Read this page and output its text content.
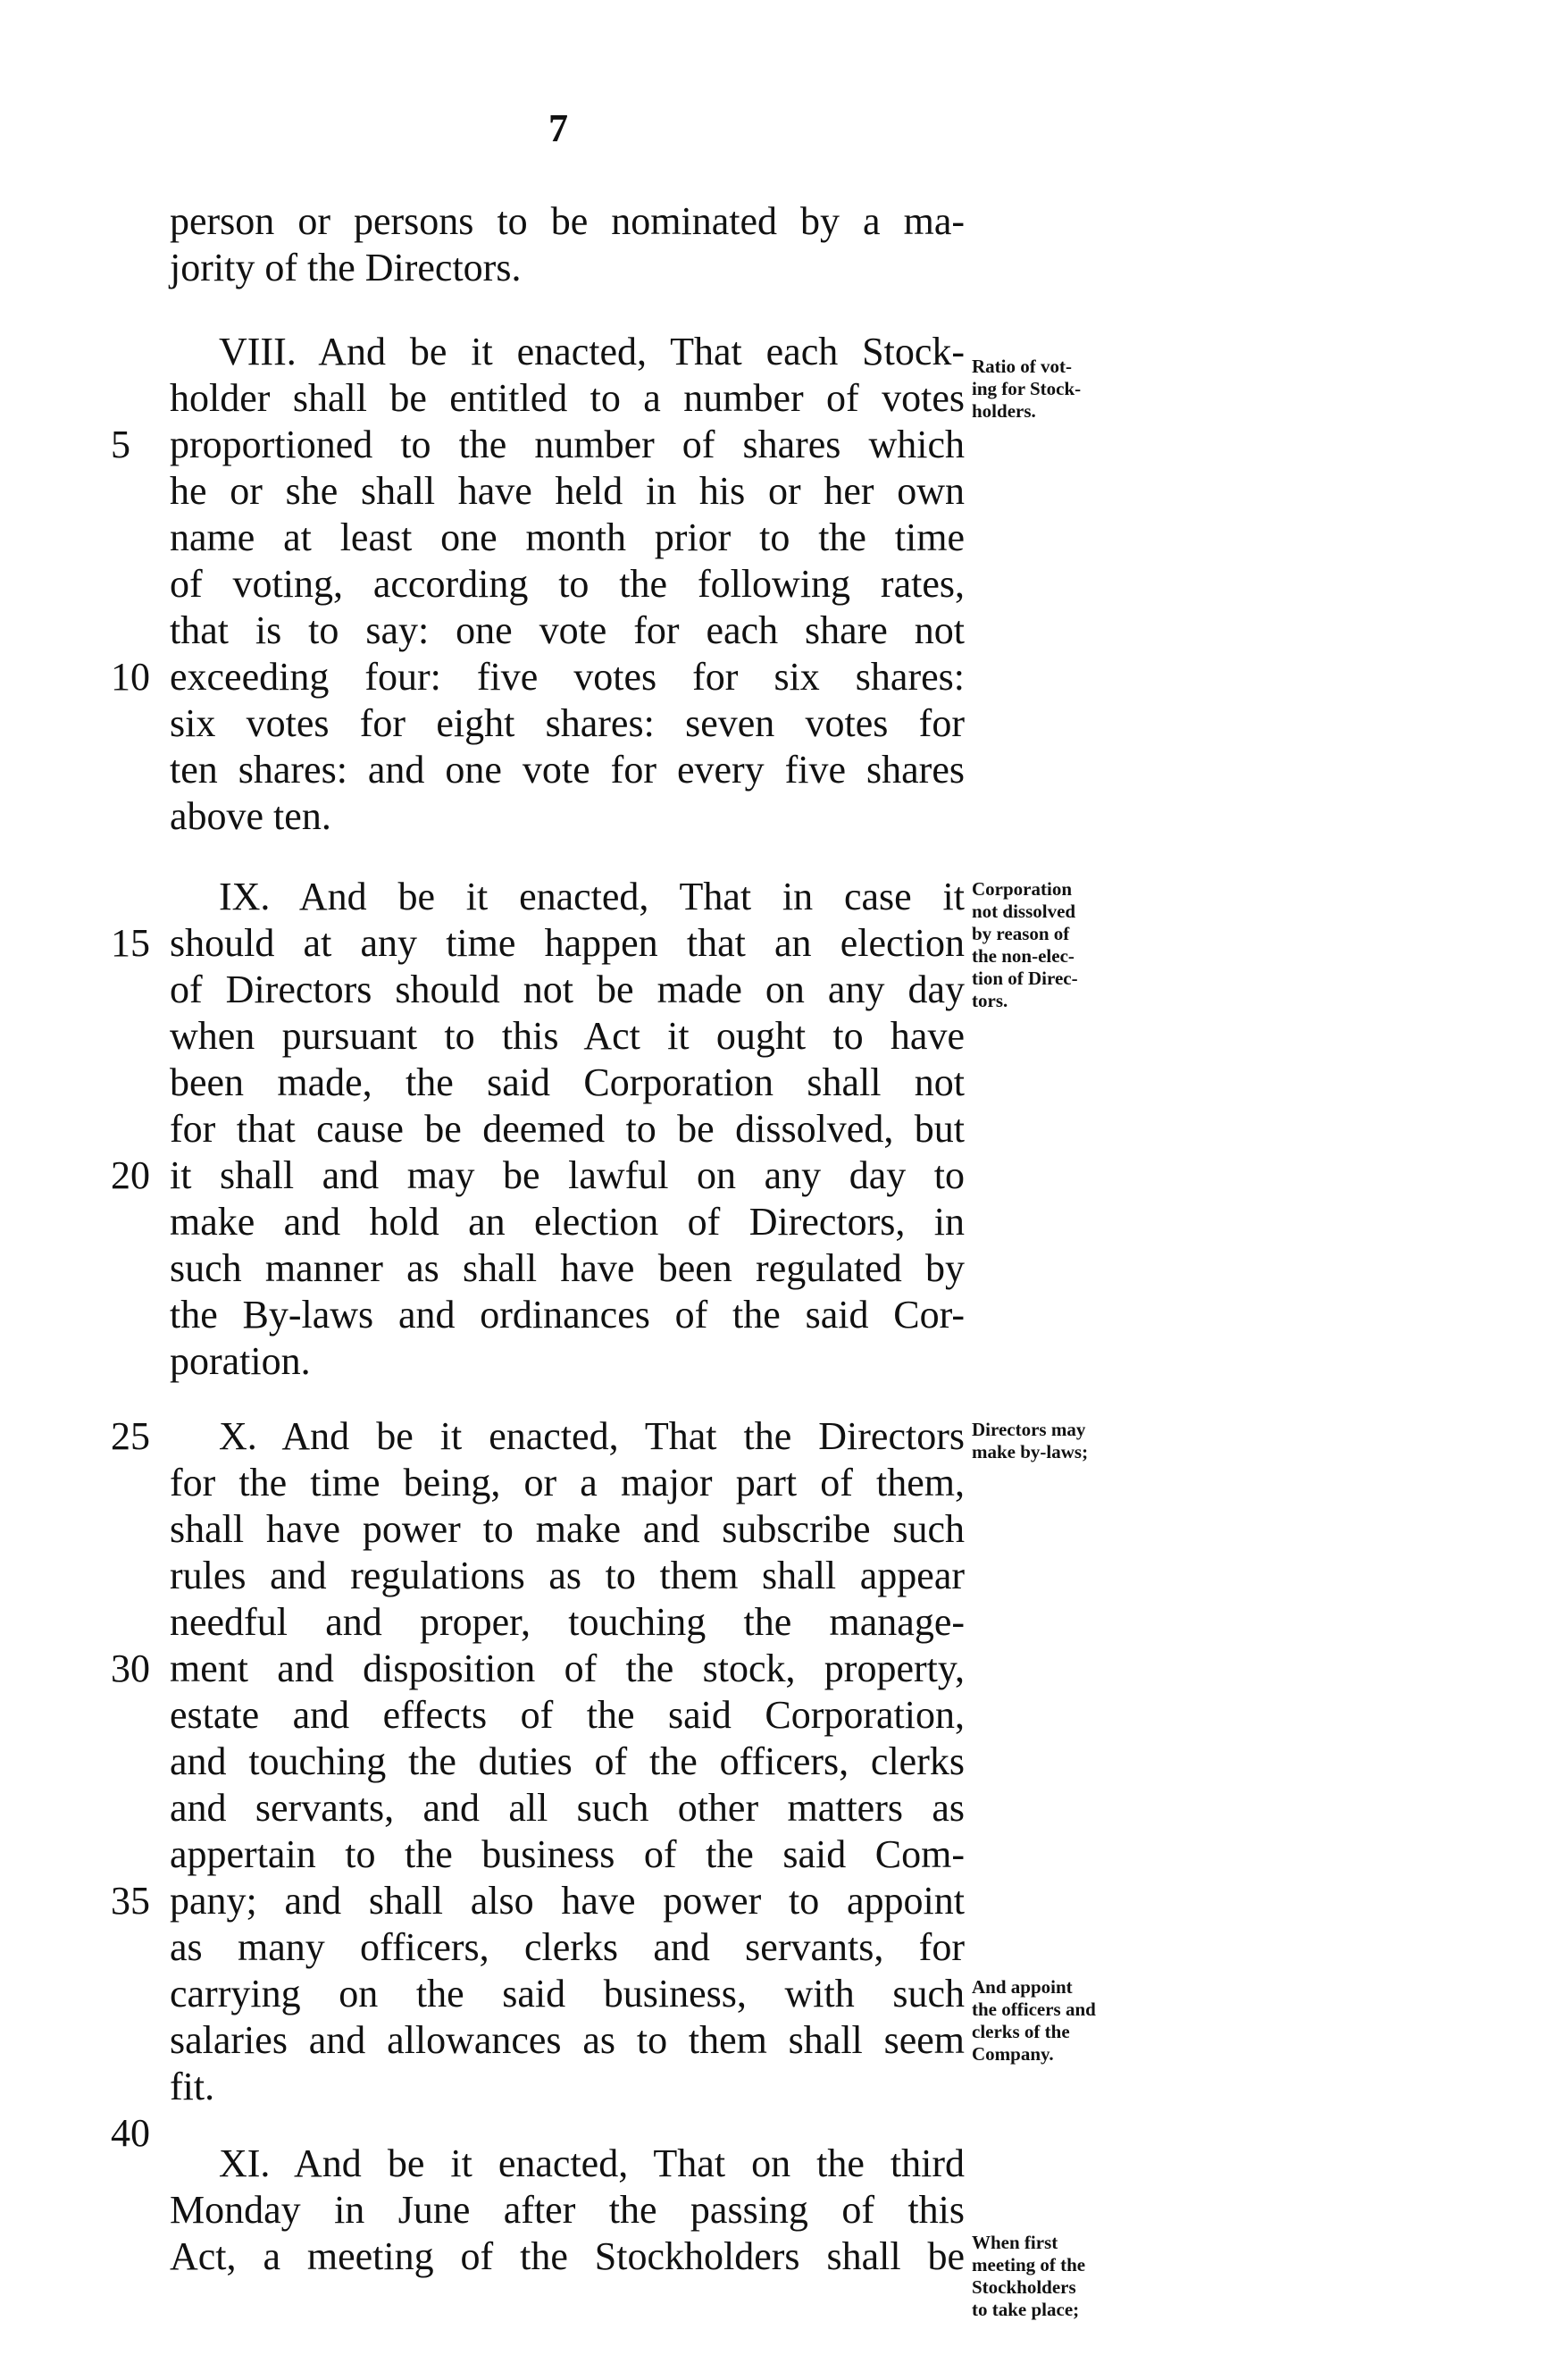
7
person or persons to be nominated by a ma-
jority of the Directors.
VIII. And be it enacted, That each Stock-
holder shall be entitled to a number of votes
proportioned to the number of shares which
5
he or she shall have held in his or her own
name at least one month prior to the time
of voting, according to the following rates,
that is to say: one vote for each share not
exceeding four: five votes for six shares:
10
six votes for eight shares: seven votes for
ten shares: and one vote for every five shares
above ten.
IX. And be it enacted, That in case it
should at any time happen that an election
15
of Directors should not be made on any day
when pursuant to this Act it ought to have
been made, the said Corporation shall not
for that cause be deemed to be dissolved, but
it shall and may be lawful on any day to
20
make and hold an election of Directors, in
such manner as shall have been regulated by
the By-laws and ordinances of the said Cor-
poration.
X. And be it enacted, That the Directors
25
for the time being, or a major part of them,
shall have power to make and subscribe such
rules and regulations as to them shall appear
needful and proper, touching the manage-
ment and disposition of the stock, property,
30
estate and effects of the said Corporation,
and touching the duties of the officers, clerks
and servants, and all such other matters as
appertain to the business of the said Com-
pany; and shall also have power to appoint
35
as many officers, clerks and servants, for
carrying on the said business, with such
salaries and allowances as to them shall seem
fit.
40
XI. And be it enacted, That on the third
Monday in June after the passing of this
Act, a meeting of the Stockholders shall be
Ratio of vot-
ing for Stock-
holders.
Corporation
not dissolved
by reason of
the non-elec-
tion of Direc-
tors.
Directors may
make by-laws;
And appoint
the officers and
clerks of the
Company.
When first
meeting of the
Stockholders
to take place;
